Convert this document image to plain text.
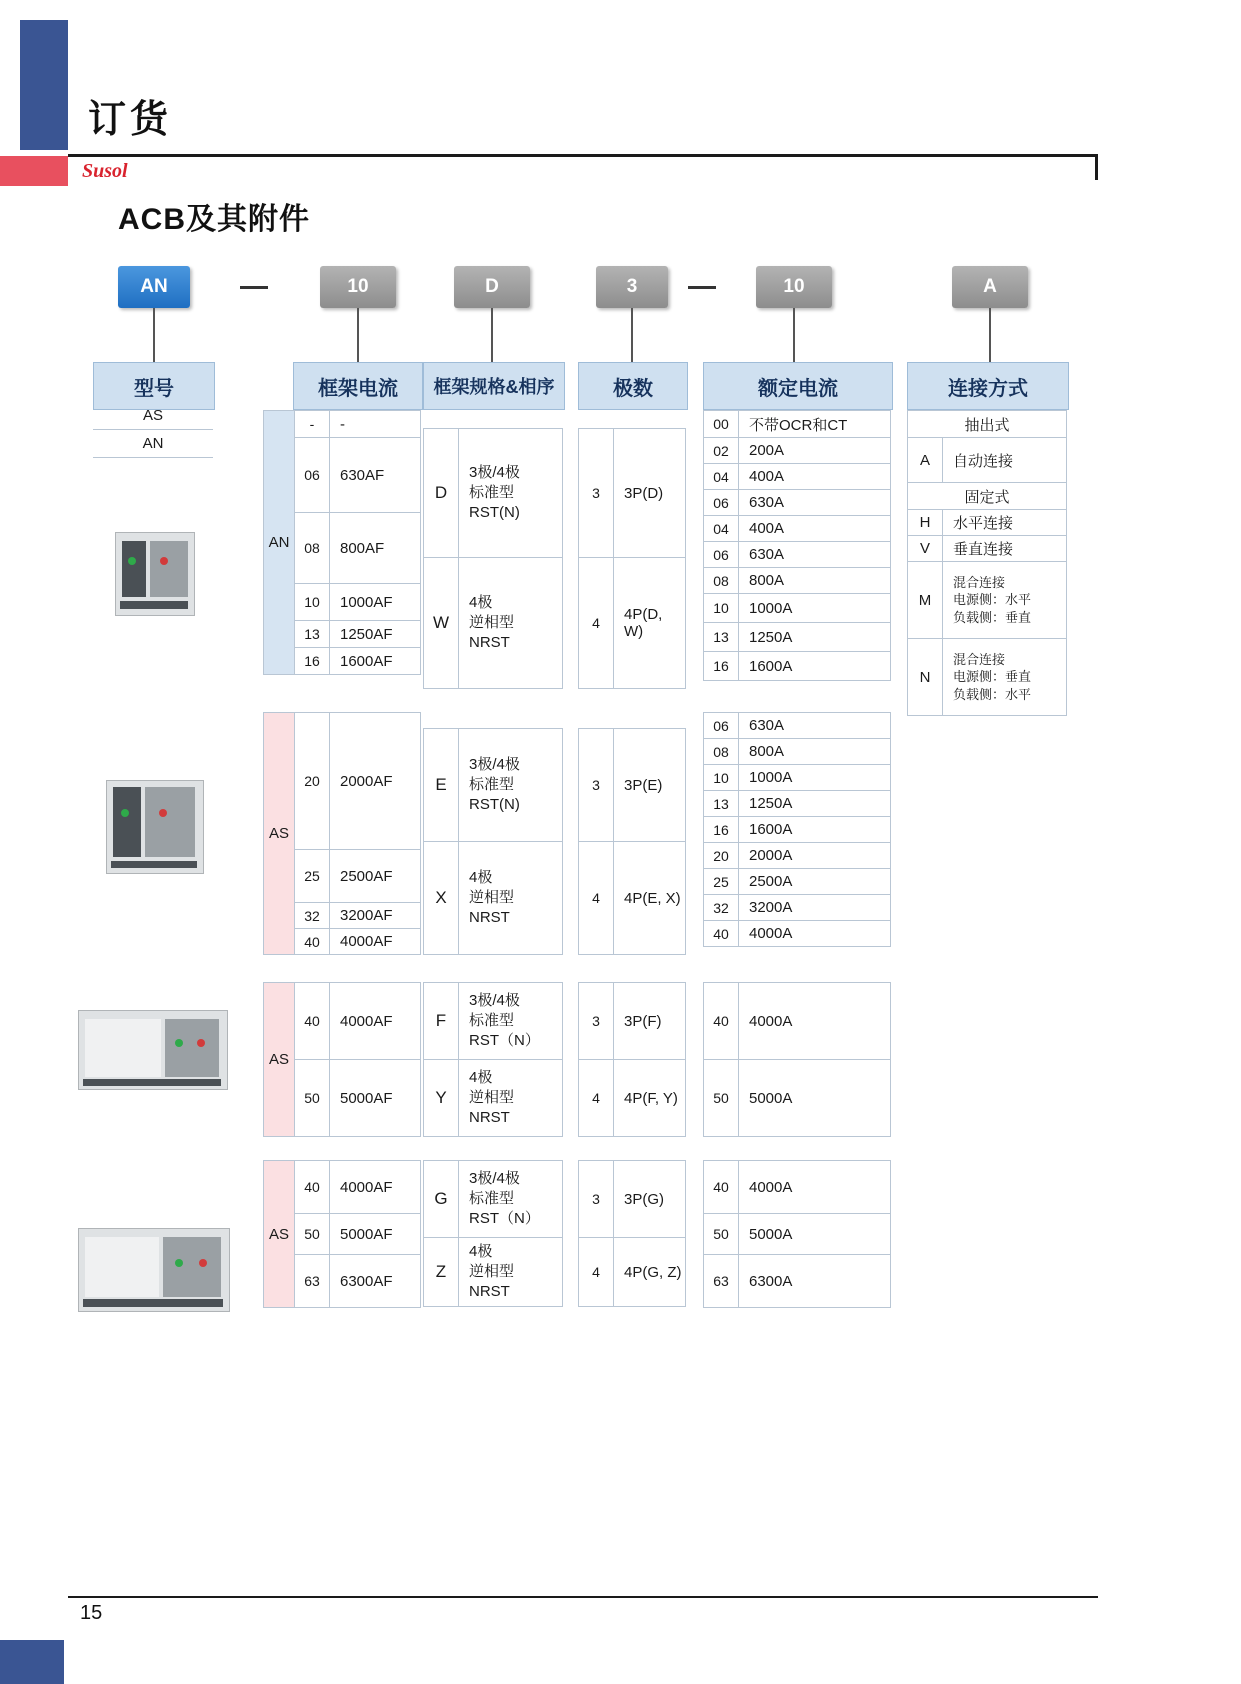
订货
Susol
ACB及其附件
AN	10	D	3	10	A
型号	框架电流	框架规格&相序	极数	额定电流	连接方式
AS
AN
AN	-	-
	06	630AF
	08	800AF
	10	1000AF
	13	1250AF
	16	1600AF
AS	20	2000AF
	25	2500AF
	32	3200AF
	40	4000AF
AS	40	4000AF
	50	5000AF
AS	40	4000AF
	50	5000AF
	63	6300AF
D	3极/4极
标准型
RST(N)

W	4极
逆相型
NRST
E	3极/4极
标准型
RST(N)

X	4极
逆相型
NRST
F	3极/4极
标准型
RST（N）

Y	4极
逆相型
NRST
G	3极/4极
标准型
RST（N）

Z	4极
逆相型
NRST
3	3P(D)
4	4P(D, W)
3	3P(E)
4	4P(E, X)
3	3P(F)
4	4P(F, Y)
3	3P(G)
4	4P(G, Z)
00	不带OCR和CT
02	200A
04	400A
06	630A
04	400A
06	630A
08	800A
10	1000A
13	1250A
16	1600A
06	630A
08	800A
10	1000A
13	1250A
16	1600A
20	2000A
25	2500A
32	3200A
40	4000A
40	4000A
50	5000A
40	4000A
50	5000A
63	6300A
抽出式	
A	自动连接
固定式	
H	水平连接
V	垂直连接
M	混合连接
电源侧：水平
负载侧：垂直

N	混合连接
电源侧：垂直
负载侧：水平
15
